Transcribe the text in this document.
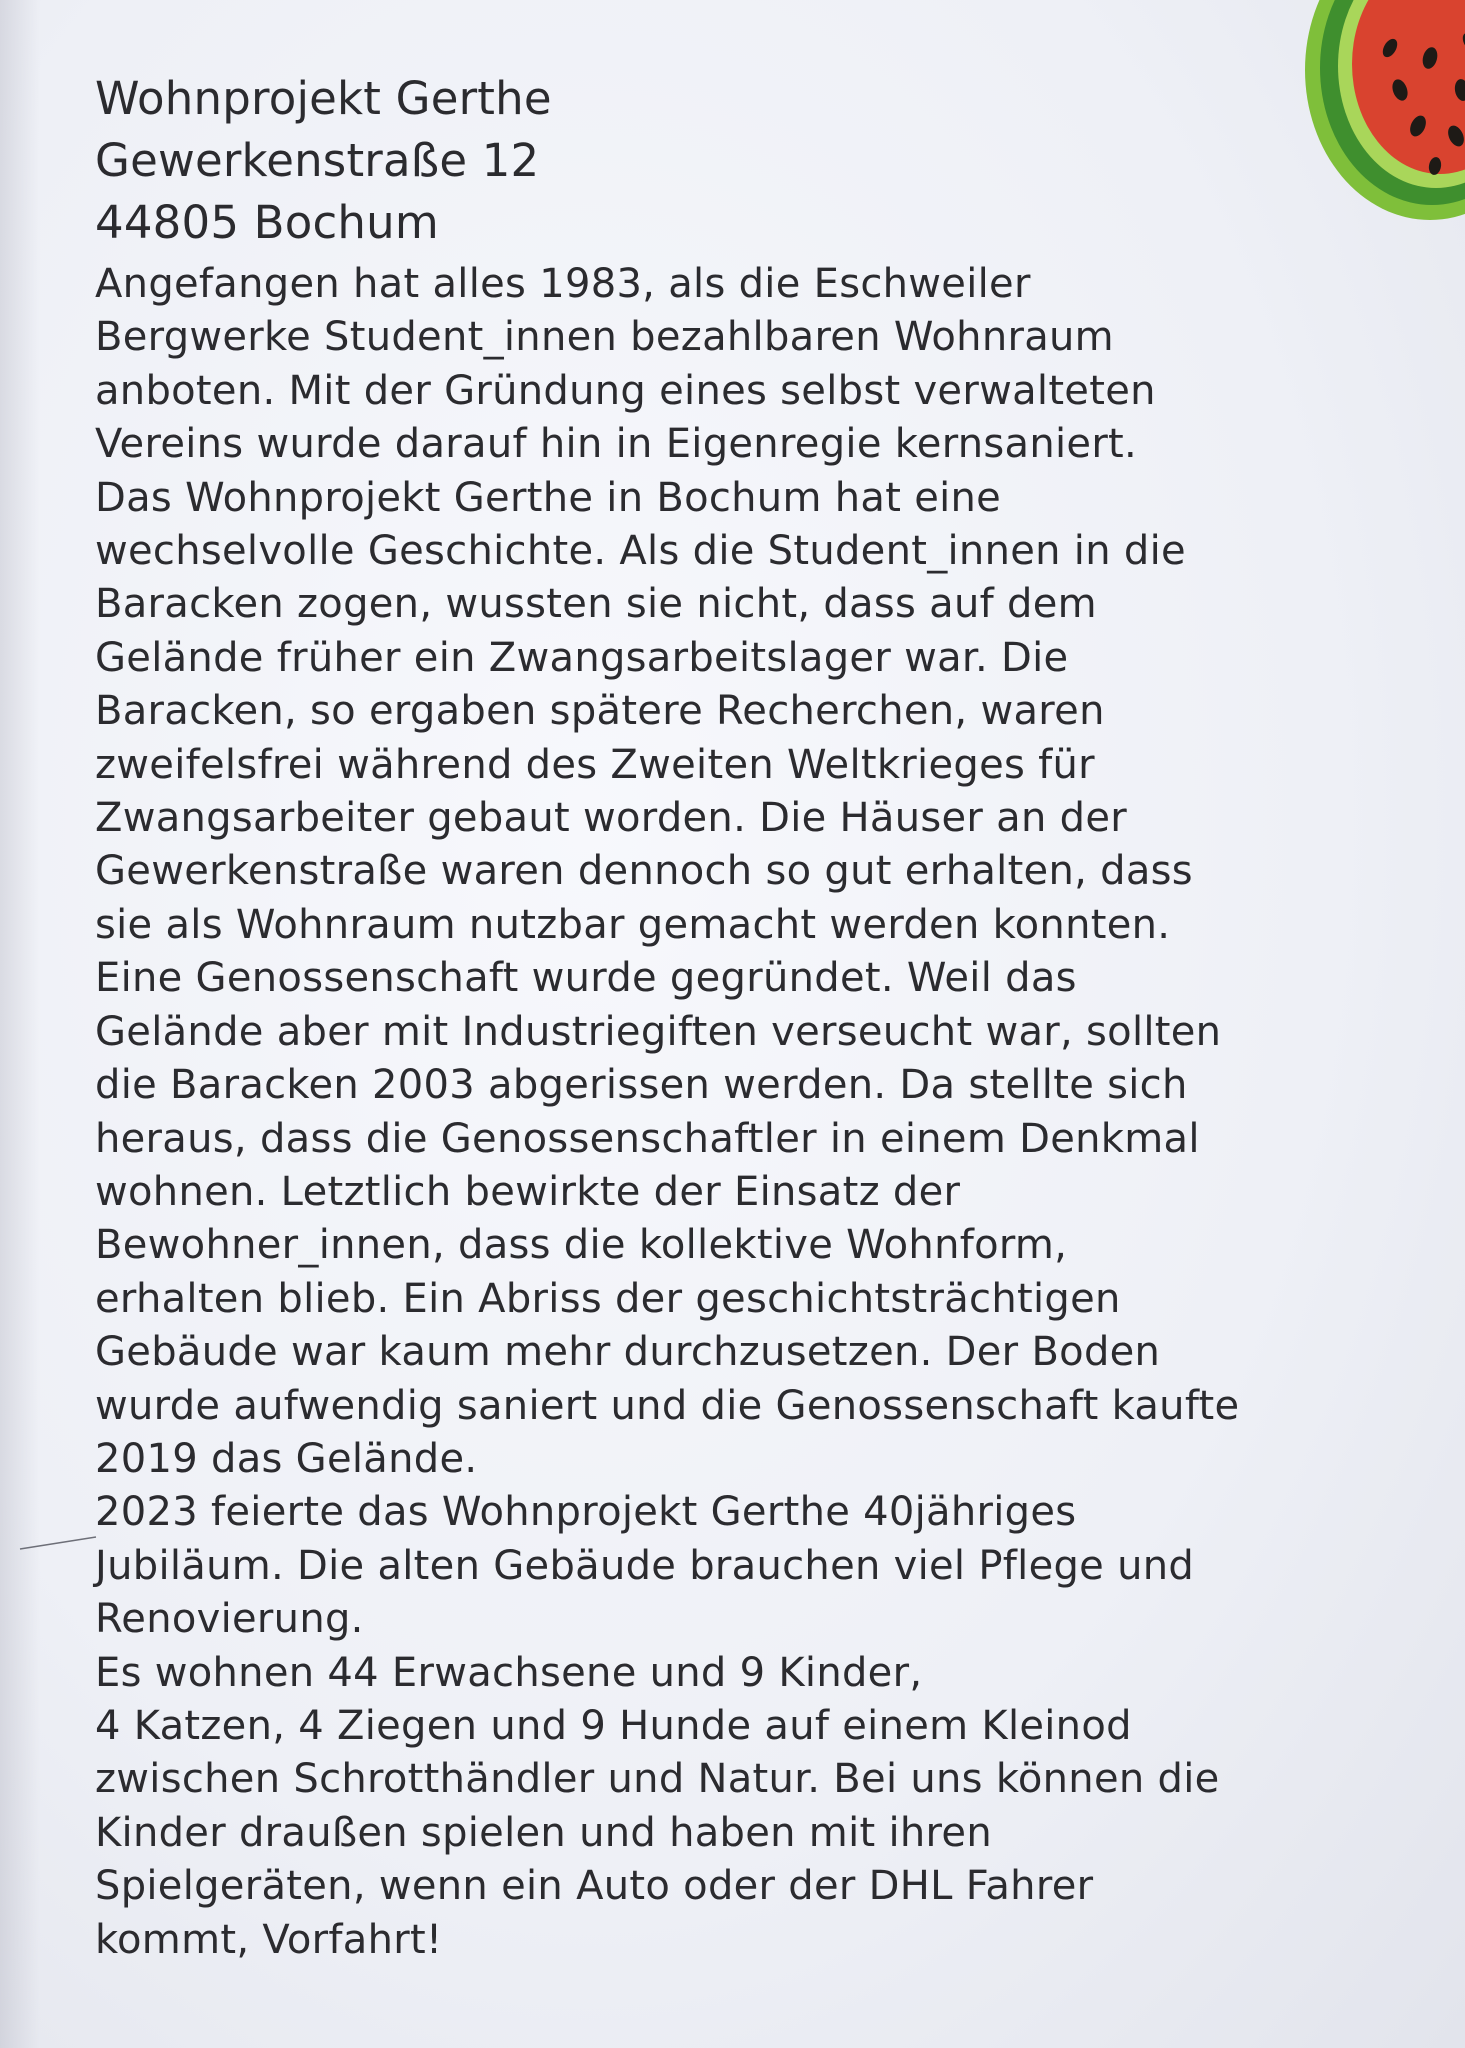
Wohnprojekt Gerthe
Gewerkenstraße 12
44805 Bochum
Angefangen hat alles 1983, als die Eschweiler
Bergwerke Student_innen bezahlbaren Wohnraum
anboten. Mit der Gründung eines selbst verwalteten
Vereins wurde darauf hin in Eigenregie kernsaniert.
Das Wohnprojekt Gerthe in Bochum hat eine
wechselvolle Geschichte. Als die Student_innen in die
Baracken zogen, wussten sie nicht, dass auf dem
Gelände früher ein Zwangsarbeitslager war. Die
Baracken, so ergaben spätere Recherchen, waren
zweifelsfrei während des Zweiten Weltkrieges für
Zwangsarbeiter gebaut worden. Die Häuser an der
Gewerkenstraße waren dennoch so gut erhalten, dass
sie als Wohnraum nutzbar gemacht werden konnten.
Eine Genossenschaft wurde gegründet. Weil das
Gelände aber mit Industriegiften verseucht war, sollten
die Baracken 2003 abgerissen werden. Da stellte sich
heraus, dass die Genossenschaftler in einem Denkmal
wohnen. Letztlich bewirkte der Einsatz der
Bewohner_innen, dass die kollektive Wohnform,
erhalten blieb. Ein Abriss der geschichtsträchtigen
Gebäude war kaum mehr durchzusetzen. Der Boden
wurde aufwendig saniert und die Genossenschaft kaufte
2019 das Gelände.
2023 feierte das Wohnprojekt Gerthe 40jähriges
Jubiläum. Die alten Gebäude brauchen viel Pflege und
Renovierung.
Es wohnen 44 Erwachsene und 9 Kinder,
4 Katzen, 4 Ziegen und 9 Hunde auf einem Kleinod
zwischen Schrotthändler und Natur. Bei uns können die
Kinder draußen spielen und haben mit ihren
Spielgeräten, wenn ein Auto oder der DHL Fahrer
kommt, Vorfahrt!
